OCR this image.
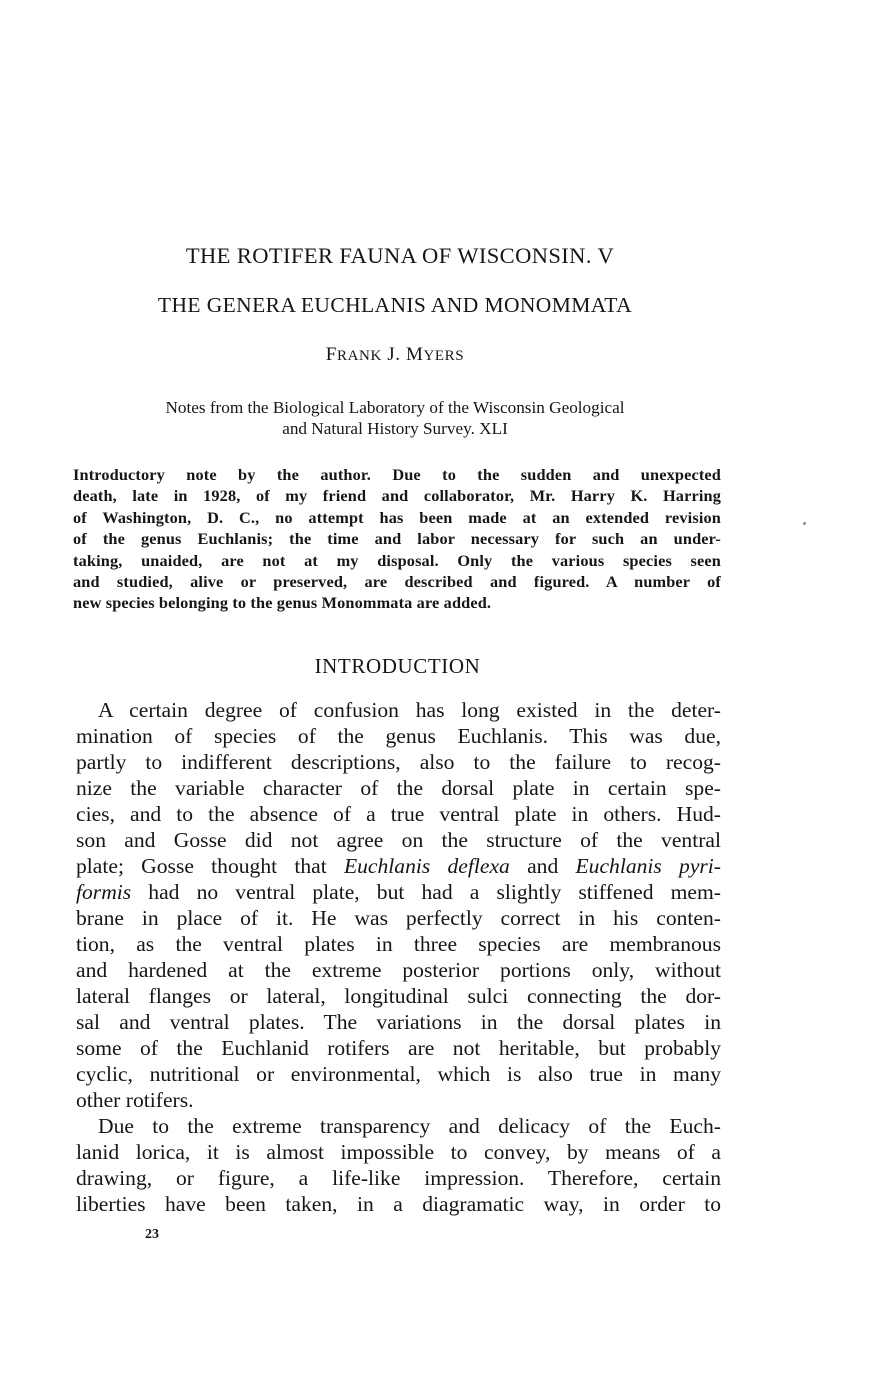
THE ROTIFER FAUNA OF WISCONSIN. V
THE GENERA EUCHLANIS AND MONOMMATA
FRANK J. MYERS
Notes from the Biological Laboratory of the Wisconsin Geological
and Natural History Survey. XLI
Introductory note by the author. Due to the sudden and unexpected
death, late in 1928, of my friend and collaborator, Mr. Harry K. Harring
of Washington, D. C., no attempt has been made at an extended revision
of the genus Euchlanis; the time and labor necessary for such an under-
taking, unaided, are not at my disposal. Only the various species seen
and studied, alive or preserved, are described and figured. A number of
new species belonging to the genus Monommata are added.
INTRODUCTION
A certain degree of confusion has long existed in the deter-
mination of species of the genus Euchlanis. This was due,
partly to indifferent descriptions, also to the failure to recog-
nize the variable character of the dorsal plate in certain spe-
cies, and to the absence of a true ventral plate in others. Hud-
son and Gosse did not agree on the structure of the ventral
plate; Gosse thought that Euchlanis deflexa and Euchlanis pyri-
formis had no ventral plate, but had a slightly stiffened mem-
brane in place of it. He was perfectly correct in his conten-
tion, as the ventral plates in three species are membranous
and hardened at the extreme posterior portions only, without
lateral flanges or lateral, longitudinal sulci connecting the dor-
sal and ventral plates. The variations in the dorsal plates in
some of the Euchlanid rotifers are not heritable, but probably
cyclic, nutritional or environmental, which is also true in many
other rotifers.
Due to the extreme transparency and delicacy of the Euch-
lanid lorica, it is almost impossible to convey, by means of a
drawing, or figure, a life-like impression. Therefore, certain
liberties have been taken, in a diagramatic way, in order to
23
